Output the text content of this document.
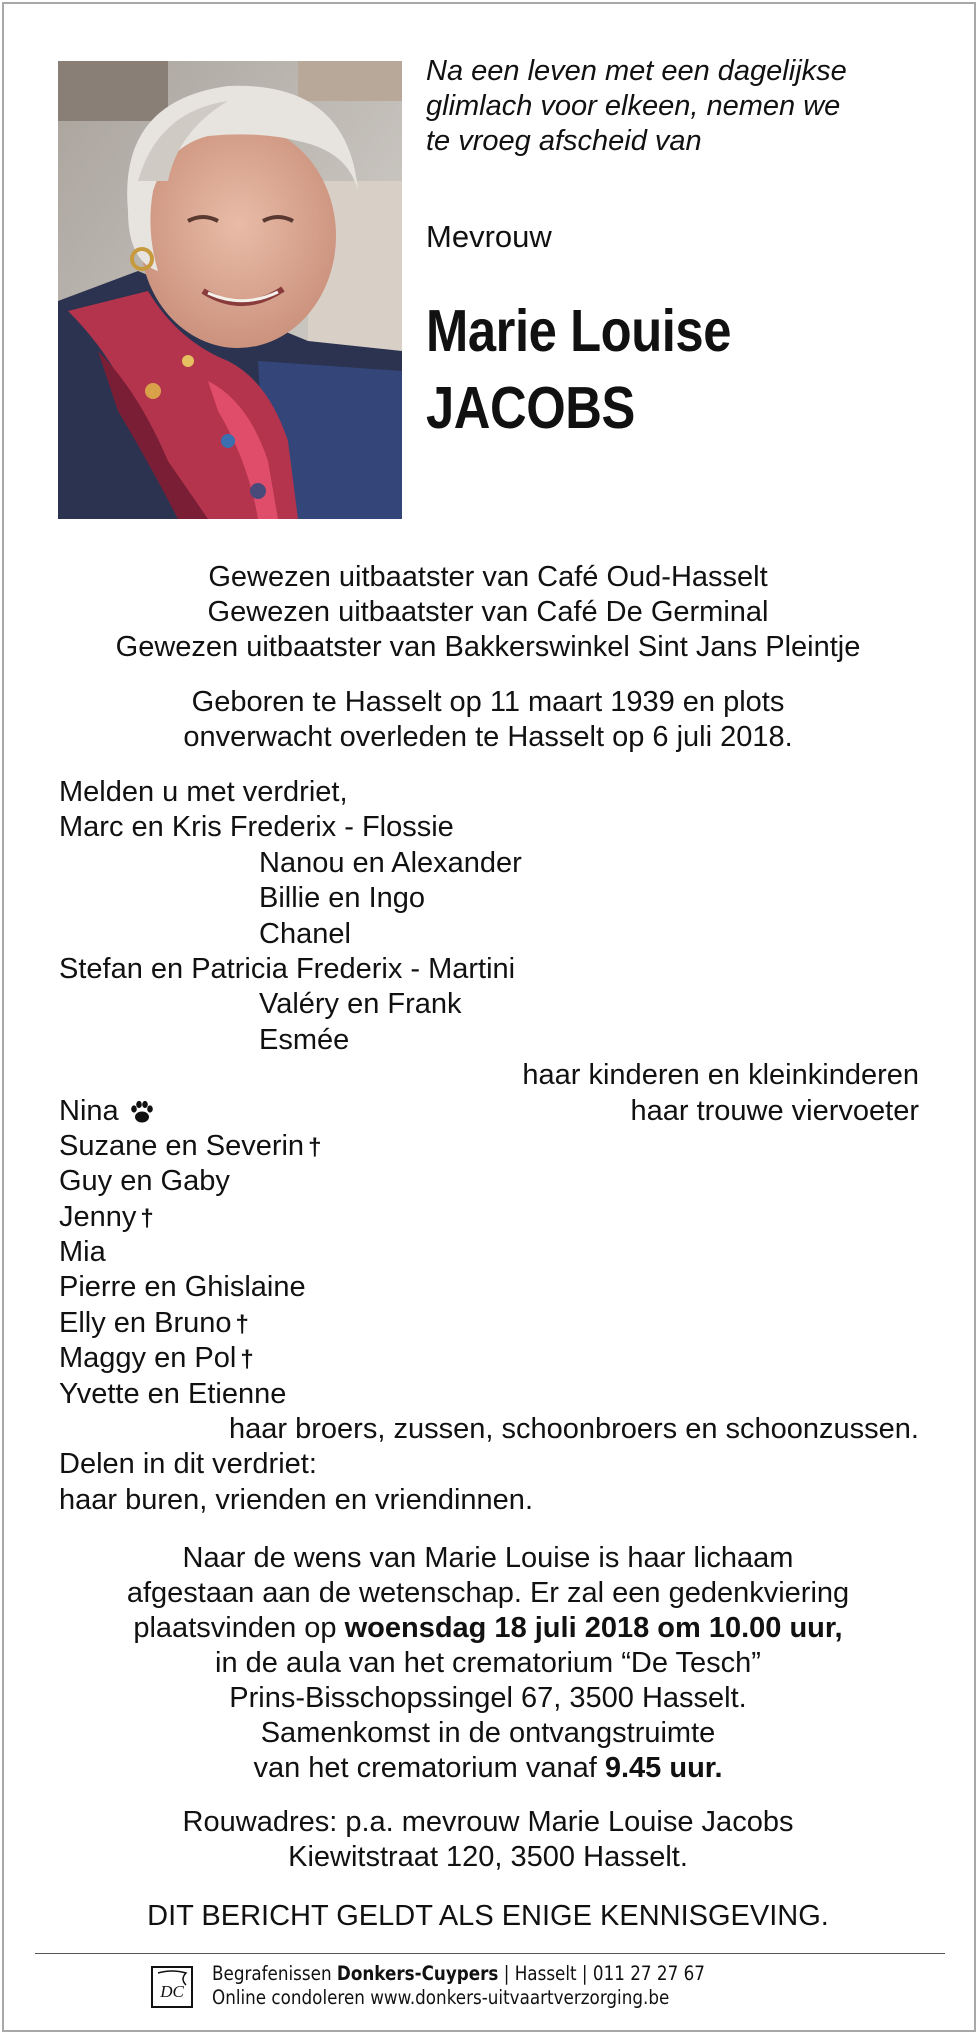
Na een leven met een dagelijkse
glimlach voor elkeen, nemen we
te vroeg afscheid van
Mevrouw
Marie Louise
JACOBS
Gewezen uitbaatster van Café Oud-Hasselt
Gewezen uitbaatster van Café De Germinal
Gewezen uitbaatster van Bakkerswinkel Sint Jans Pleintje
Geboren te Hasselt op 11 maart 1939 en plots
onverwacht overleden te Hasselt op 6 juli 2018.
Melden u met verdriet,
Marc en Kris Frederix - Flossie
Nanou en Alexander
Billie en Ingo
Chanel
Stefan en Patricia Frederix - Martini
Valéry en Frank
Esmée
haar kinderen en kleinkinderen
Nina	haar trouwe viervoeter
Suzane en Severin †
Guy en Gaby
Jenny †
Mia
Pierre en Ghislaine
Elly en Bruno †
Maggy en Pol †
Yvette en Etienne
haar broers, zussen, schoonbroers en schoonzussen.
Delen in dit verdriet:
haar buren, vrienden en vriendinnen.
Naar de wens van Marie Louise is haar lichaam
afgestaan aan de wetenschap. Er zal een gedenkviering
plaatsvinden op woensdag 18 juli 2018 om 10.00 uur,
in de aula van het crematorium “De Tesch”
Prins-Bisschopssingel 67, 3500 Hasselt.
Samenkomst in de ontvangstruimte
van het crematorium vanaf 9.45 uur.
Rouwadres: p.a. mevrouw Marie Louise Jacobs
Kiewitstraat 120, 3500 Hasselt.
DIT BERICHT GELDT ALS ENIGE KENNISGEVING.
DC
Begrafenissen Donkers-Cuypers | Hasselt | 011 27 27 67
Online condoleren www.donkers-uitvaartverzorging.be
